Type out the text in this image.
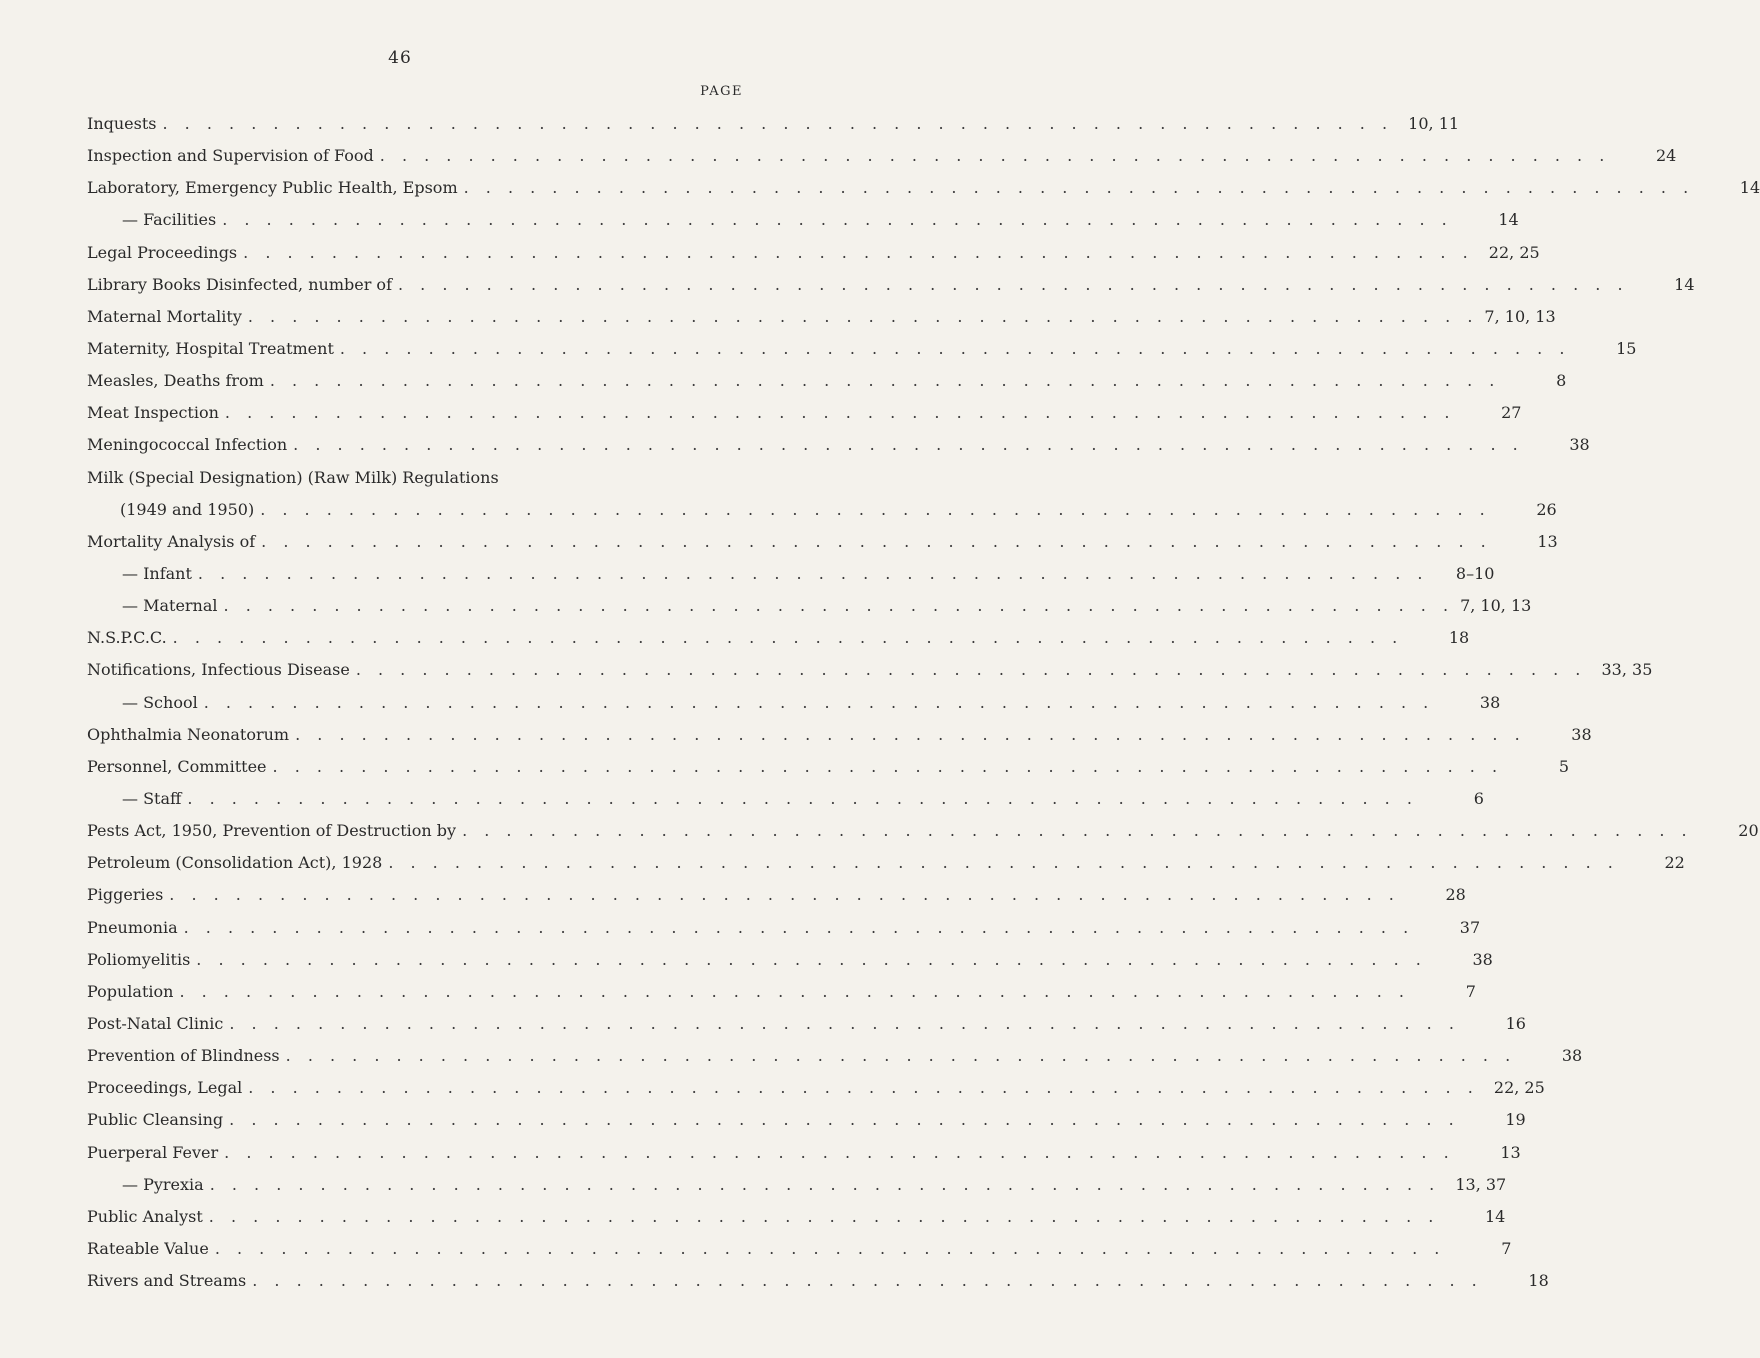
46
PAGE
Inquests . . . . . . . . . . . . . . . . . . . . . . . . . . . . . . . . . . . . . . . . . . . . . . . . . . . . . . . . 10, 11
Inspection and Supervision of Food . . . . . . . . . . . . . . . . . . . . . . . . . . . . . . . . . . . . . . . . . . . . . . . . . . . . . . . .	24
Laboratory, Emergency Public Health, Epsom . . . . . . . . . . . . . . . . . . . . . . . . . . . . . . . . . . . . . . . . . . . . . . . . . . . . . . . .	14
— Facilities . . . . . . . . . . . . . . . . . . . . . . . . . . . . . . . . . . . . . . . . . . . . . . . . . . . . . . . .	14
Legal Proceedings . . . . . . . . . . . . . . . . . . . . . . . . . . . . . . . . . . . . . . . . . . . . . . . . . . . . . . . . 22, 25
Library Books Disinfected, number of . . . . . . . . . . . . . . . . . . . . . . . . . . . . . . . . . . . . . . . . . . . . . . . . . . . . . . . .	14
Maternal Mortality . . . . . . . . . . . . . . . . . . . . . . . . . . . . . . . . . . . . . . . . . . . . . . . . . . . . . . . . 7, 10, 13
Maternity, Hospital Treatment . . . . . . . . . . . . . . . . . . . . . . . . . . . . . . . . . . . . . . . . . . . . . . . . . . . . . . . .	15
Measles, Deaths from . . . . . . . . . . . . . . . . . . . . . . . . . . . . . . . . . . . . . . . . . . . . . . . . . . . . . . . .	8
Meat Inspection . . . . . . . . . . . . . . . . . . . . . . . . . . . . . . . . . . . . . . . . . . . . . . . . . . . . . . . .	27
Meningococcal Infection . . . . . . . . . . . . . . . . . . . . . . . . . . . . . . . . . . . . . . . . . . . . . . . . . . . . . . . .	38
Milk (Special Designation) (Raw Milk) Regulations
(1949 and 1950) . . . . . . . . . . . . . . . . . . . . . . . . . . . . . . . . . . . . . . . . . . . . . . . . . . . . . . . .	26
Mortality Analysis of . . . . . . . . . . . . . . . . . . . . . . . . . . . . . . . . . . . . . . . . . . . . . . . . . . . . . . . .	13
— Infant . . . . . . . . . . . . . . . . . . . . . . . . . . . . . . . . . . . . . . . . . . . . . . . . . . . . . . . .	8–10
— Maternal . . . . . . . . . . . . . . . . . . . . . . . . . . . . . . . . . . . . . . . . . . . . . . . . . . . . . . . . 7, 10, 13
N.S.P.C.C. . . . . . . . . . . . . . . . . . . . . . . . . . . . . . . . . . . . . . . . . . . . . . . . . . . . . . . . .	18
Notifications, Infectious Disease . . . . . . . . . . . . . . . . . . . . . . . . . . . . . . . . . . . . . . . . . . . . . . . . . . . . . . . . 33, 35
— School . . . . . . . . . . . . . . . . . . . . . . . . . . . . . . . . . . . . . . . . . . . . . . . . . . . . . . . .	38
Ophthalmia Neonatorum . . . . . . . . . . . . . . . . . . . . . . . . . . . . . . . . . . . . . . . . . . . . . . . . . . . . . . . .	38
Personnel, Committee . . . . . . . . . . . . . . . . . . . . . . . . . . . . . . . . . . . . . . . . . . . . . . . . . . . . . . . .	5
— Staff . . . . . . . . . . . . . . . . . . . . . . . . . . . . . . . . . . . . . . . . . . . . . . . . . . . . . . . .	6
Pests Act, 1950, Prevention of Destruction by . . . . . . . . . . . . . . . . . . . . . . . . . . . . . . . . . . . . . . . . . . . . . . . . . . . . . . . .	20
Petroleum (Consolidation Act), 1928 . . . . . . . . . . . . . . . . . . . . . . . . . . . . . . . . . . . . . . . . . . . . . . . . . . . . . . . .	22
Piggeries . . . . . . . . . . . . . . . . . . . . . . . . . . . . . . . . . . . . . . . . . . . . . . . . . . . . . . . .	28
Pneumonia . . . . . . . . . . . . . . . . . . . . . . . . . . . . . . . . . . . . . . . . . . . . . . . . . . . . . . . .	37
Poliomyelitis . . . . . . . . . . . . . . . . . . . . . . . . . . . . . . . . . . . . . . . . . . . . . . . . . . . . . . . .	38
Population . . . . . . . . . . . . . . . . . . . . . . . . . . . . . . . . . . . . . . . . . . . . . . . . . . . . . . . .	7
Post-Natal Clinic . . . . . . . . . . . . . . . . . . . . . . . . . . . . . . . . . . . . . . . . . . . . . . . . . . . . . . . .	16
Prevention of Blindness . . . . . . . . . . . . . . . . . . . . . . . . . . . . . . . . . . . . . . . . . . . . . . . . . . . . . . . .	38
Proceedings, Legal . . . . . . . . . . . . . . . . . . . . . . . . . . . . . . . . . . . . . . . . . . . . . . . . . . . . . . . . 22, 25
Public Cleansing . . . . . . . . . . . . . . . . . . . . . . . . . . . . . . . . . . . . . . . . . . . . . . . . . . . . . . . .	19
Puerperal Fever . . . . . . . . . . . . . . . . . . . . . . . . . . . . . . . . . . . . . . . . . . . . . . . . . . . . . . . .	13
— Pyrexia . . . . . . . . . . . . . . . . . . . . . . . . . . . . . . . . . . . . . . . . . . . . . . . . . . . . . . . . 13, 37
Public Analyst . . . . . . . . . . . . . . . . . . . . . . . . . . . . . . . . . . . . . . . . . . . . . . . . . . . . . . . .	14
Rateable Value . . . . . . . . . . . . . . . . . . . . . . . . . . . . . . . . . . . . . . . . . . . . . . . . . . . . . . . .	7
Rivers and Streams . . . . . . . . . . . . . . . . . . . . . . . . . . . . . . . . . . . . . . . . . . . . . . . . . . . . . . . .	18
